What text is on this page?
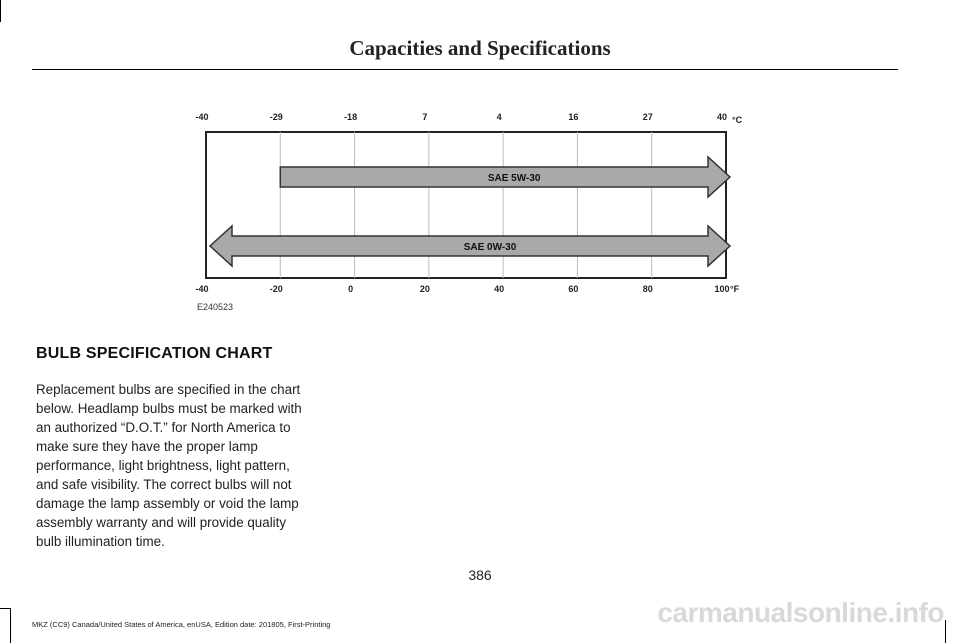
Capacities and Specifications
-40	-29	-18	7	4	16	27	40 °C
-40	-20	0	20	40	60	80	100 °F
SAE 5W-30
SAE 0W-30
E240523
BULB SPECIFICATION CHART
Replacement bulbs are specified in the chart
below. Headlamp bulbs must be marked with
an authorized “D.O.T.” for North America to
make sure they have the proper lamp
performance, light brightness, light pattern,
and safe visibility. The correct bulbs will not
damage the lamp assembly or void the lamp
assembly warranty and will provide quality
bulb illumination time.
386
MKZ (CC9) Canada/United States of America, enUSA, Edition date: 201805, First-Printing	carmanualsonline.info
